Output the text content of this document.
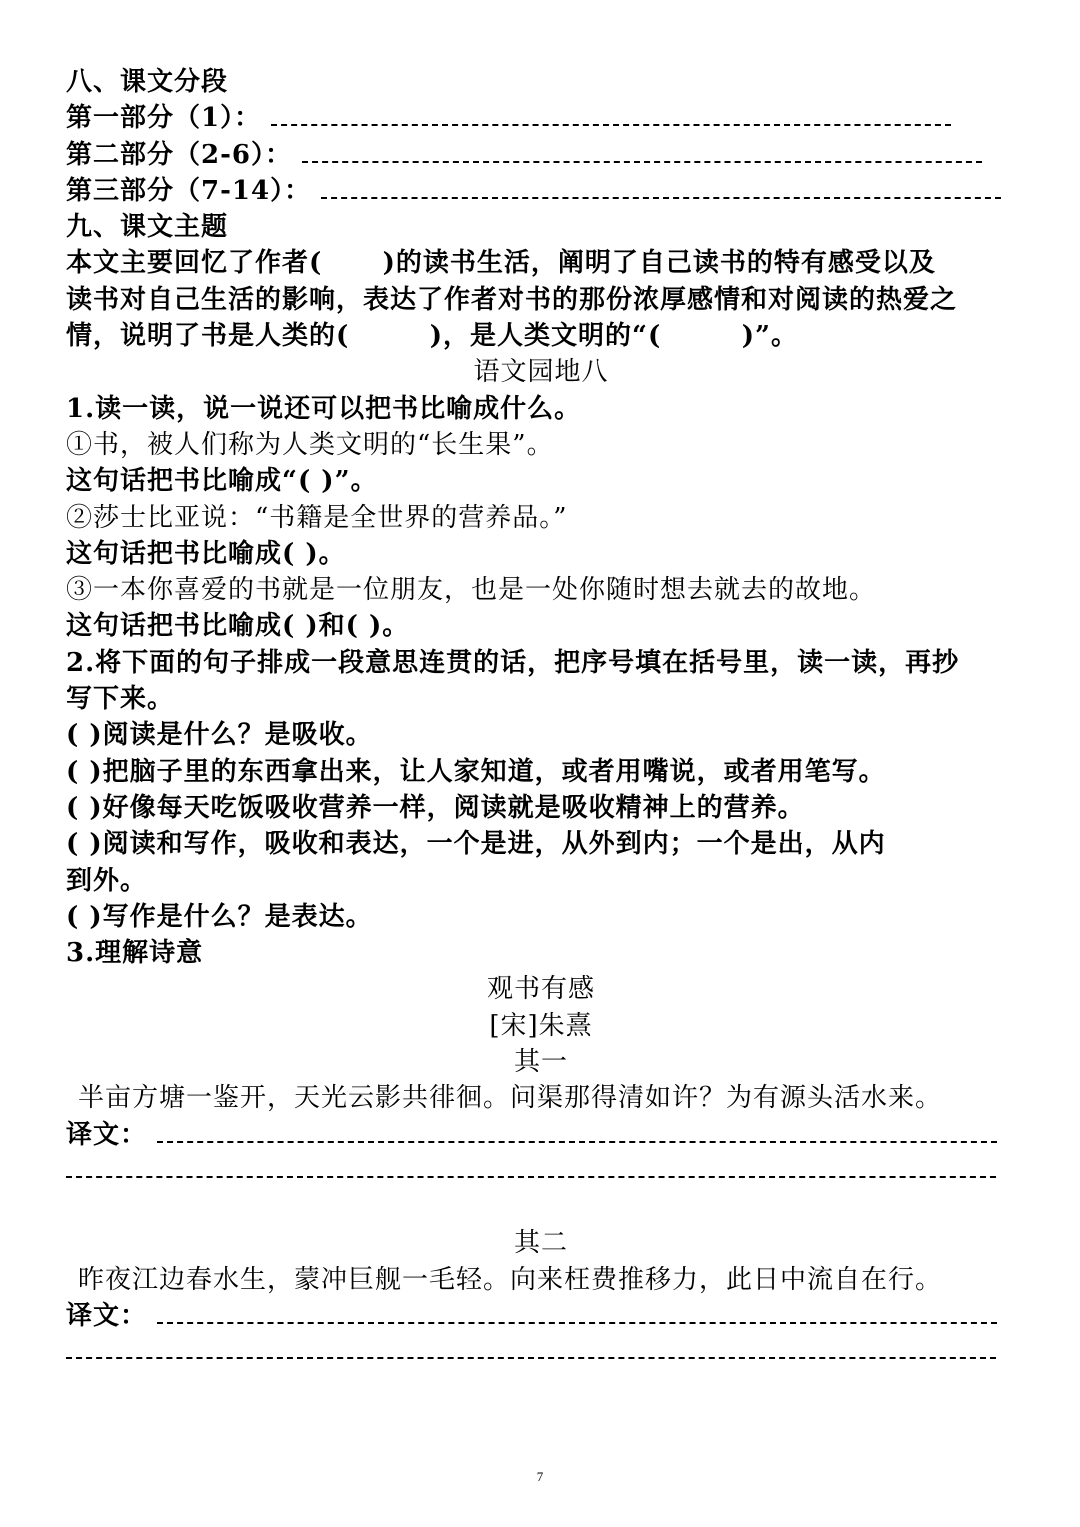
八、课文分段
第一部分（1）：
第二部分（2-6）：
第三部分（7-14）：
九、课文主题
本文主要回忆了作者(      )的读书生活，阐明了自己读书的特有感受以及
读书对自己生活的影响，表达了作者对书的那份浓厚感情和对阅读的热爱之
情，说明了书是人类的(        )，是人类文明的“(        )”。
语文园地八
1.读一读，说一说还可以把书比喻成什么。
①书，被人们称为人类文明的“长生果”。
这句话把书比喻成“( )”。
②莎士比亚说：“书籍是全世界的营养品。”
这句话把书比喻成( )。
③一本你喜爱的书就是一位朋友，也是一处你随时想去就去的故地。
这句话把书比喻成( )和( )。
2.将下面的句子排成一段意思连贯的话，把序号填在括号里，读一读，再抄
写下来。
( )阅读是什么？是吸收。
( )把脑子里的东西拿出来，让人家知道，或者用嘴说，或者用笔写。
( )好像每天吃饭吸收营养一样，阅读就是吸收精神上的营养。
( )阅读和写作，吸收和表达，一个是进，从外到内；一个是出，从内
到外。
( )写作是什么？是表达。
3.理解诗意
观书有感
[宋]朱熹
其一
半亩方塘一鉴开，天光云影共徘徊。问渠那得清如许？为有源头活水来。
译文：
其二
昨夜江边春水生，蒙冲巨舰一毛轻。向来枉费推移力，此日中流自在行。
译文：
7
